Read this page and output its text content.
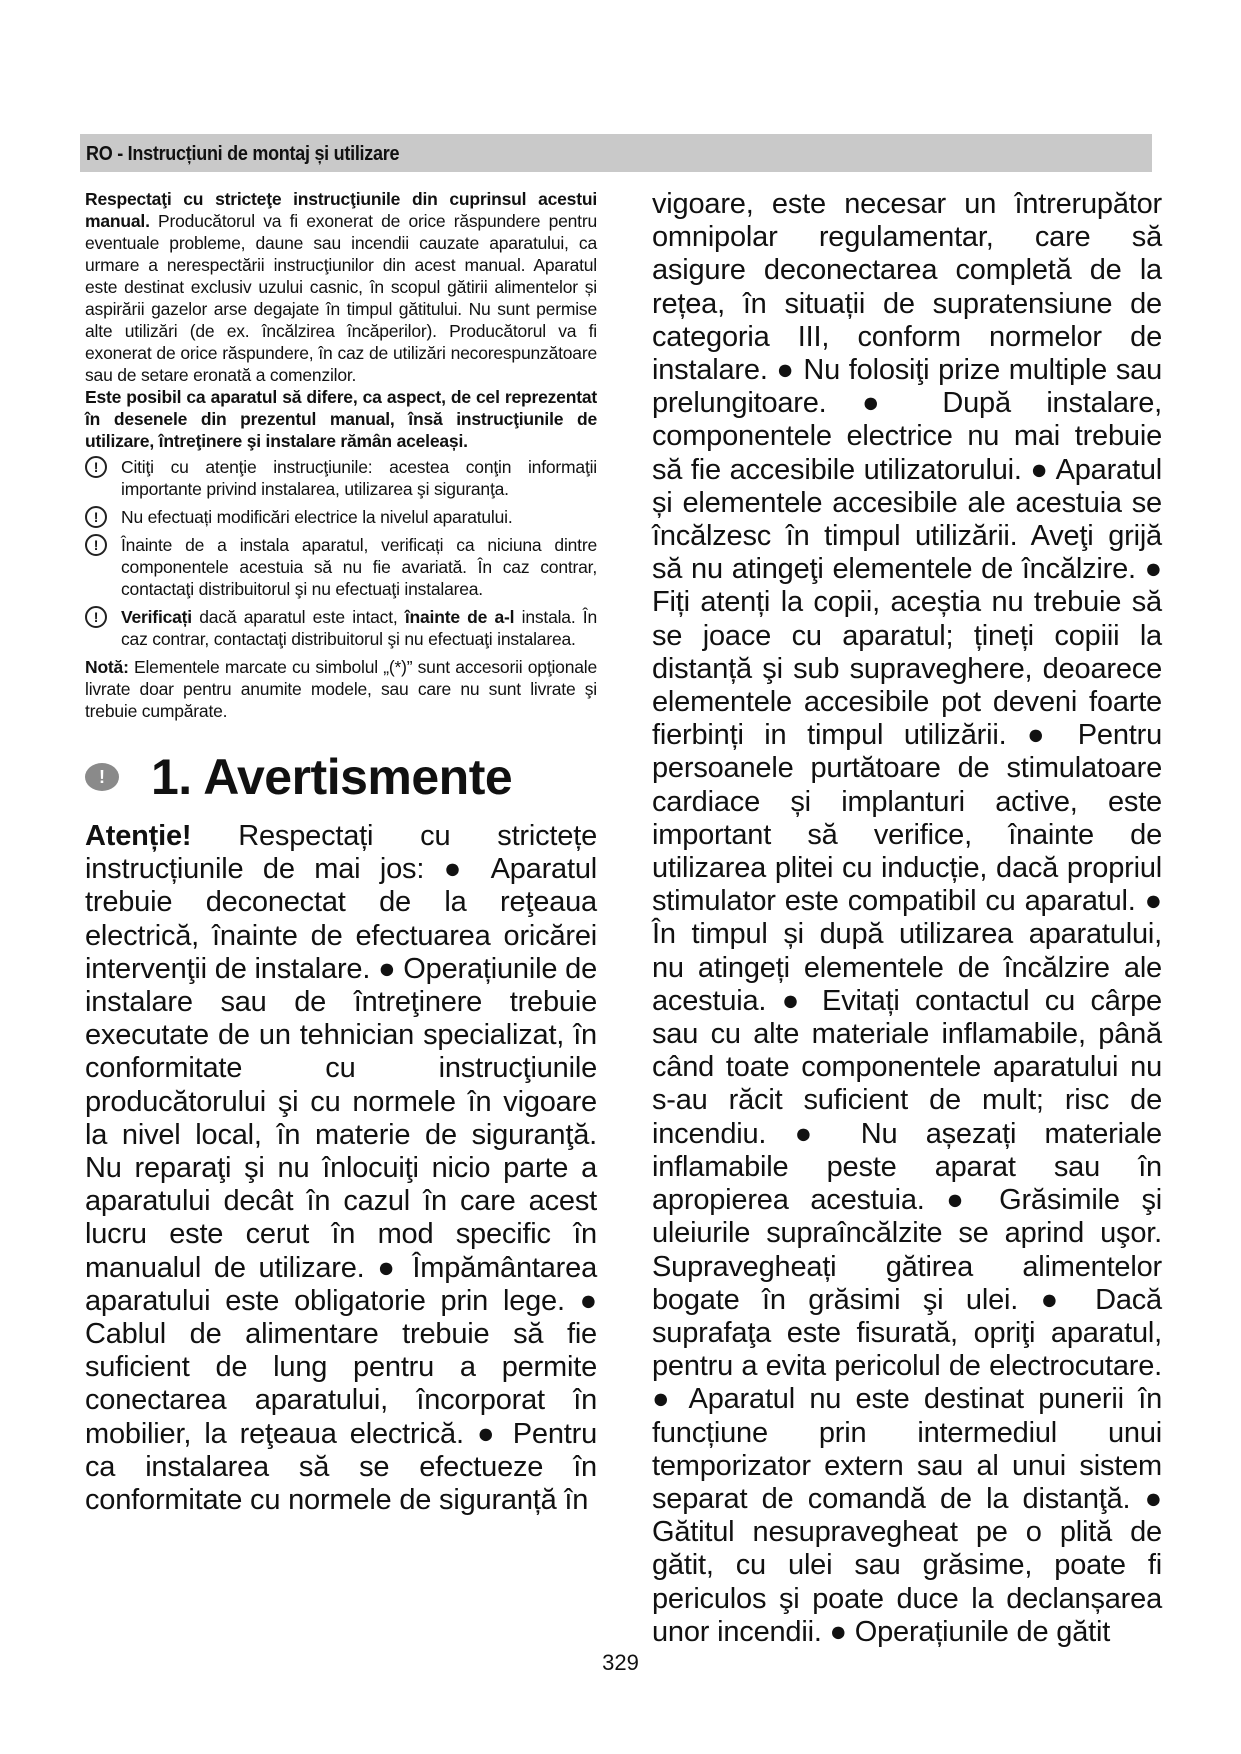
RO - Instrucțiuni de montaj și utilizare

Respectaţi cu stricteţe instrucţiunile din cuprinsul acestui manual. Producătorul va fi exonerat de orice răspundere pentru eventuale probleme, daune sau incendii cauzate aparatului, ca urmare a nerespectării instrucţiunilor din acest manual. Aparatul este destinat exclusiv uzului casnic, în scopul gătirii alimentelor și aspirării gazelor arse degajate în timpul gătitului. Nu sunt permise alte utilizări (de ex. încălzirea încăperilor). Producătorul va fi exonerat de orice răspundere, în caz de utilizări necorespunzătoare sau de setare eronată a comenzilor.

Este posibil ca aparatul să difere, ca aspect, de cel reprezentat în desenele din prezentul manual, însă instrucţiunile de utilizare, întreţinere şi instalare rămân aceleași.

!	Citiţi cu atenţie instrucţiunile: acestea conţin informaţii importante privind instalarea, utilizarea şi siguranţa.
!	Nu efectuați modificări electrice la nivelul aparatului.
!	Înainte de a instala aparatul, verificați ca niciuna dintre componentele acestuia să nu fie avariată. În caz contrar, contactaţi distribuitorul şi nu efectuaţi instalarea.
!	Verificați dacă aparatul este intact, înainte de a-l instala. În caz contrar, contactaţi distribuitorul şi nu efectuaţi instalarea.

Notă: Elementele marcate cu simbolul „(*)” sunt accesorii opţionale livrate doar pentru anumite modele, sau care nu sunt livrate şi trebuie cumpărate.

! 1. Avertismente

Atenție! Respectați cu strictețe instrucțiunile de mai jos: ● Aparatul trebuie deconectat de la reţeaua electrică, înainte de efectuarea oricărei intervenţii de instalare. ● Operațiunile de instalare sau de întreţinere trebuie executate de un tehnician specializat, în conformitate cu instrucţiunile producătorului şi cu normele în vigoare la nivel local, în materie de siguranţă. Nu reparaţi şi nu înlocuiţi nicio parte a aparatului decât în cazul în care acest lucru este cerut în mod specific în manualul de utilizare. ● Împământarea aparatului este obligatorie prin lege. ● Cablul de alimentare trebuie să fie suficient de lung pentru a permite conectarea aparatului, încorporat în mobilier, la reţeaua electrică. ● Pentru ca instalarea să se efectueze în conformitate cu normele de siguranță în

vigoare, este necesar un întrerupător omnipolar regulamentar, care să asigure deconectarea completă de la rețea, în situații de supratensiune de categoria III, conform normelor de instalare. ● Nu folosiţi prize multiple sau prelungitoare. ● După instalare, componentele electrice nu mai trebuie să fie accesibile utilizatorului. ● Aparatul și elementele accesibile ale acestuia se încălzesc în timpul utilizării. Aveţi grijă să nu atingeţi elementele de încălzire. ● Fiți atenți la copii, aceștia nu trebuie să se joace cu aparatul; țineți copiii la distanță şi sub supraveghere, deoarece elementele accesibile pot deveni foarte fierbinți in timpul utilizării. ● Pentru persoanele purtătoare de stimulatoare cardiace și implanturi active, este important să verifice, înainte de utilizarea plitei cu inducție, dacă propriul stimulator este compatibil cu aparatul. ● În timpul și după utilizarea aparatului, nu atingeți elementele de încălzire ale acestuia. ● Evitați contactul cu cârpe sau cu alte materiale inflamabile, până când toate componentele aparatului nu s-au răcit suficient de mult; risc de incendiu. ● Nu așezați materiale inflamabile peste aparat sau în apropierea acestuia. ● Grăsimile şi uleiurile supraîncălzite se aprind uşor. Supravegheați gătirea alimentelor bogate în grăsimi şi ulei. ● Dacă suprafaţa este fisurată, opriţi aparatul, pentru a evita pericolul de electrocutare. ● Aparatul nu este destinat punerii în funcțiune prin intermediul unui temporizator extern sau al unui sistem separat de comandă de la distanţă. ● Gătitul nesupravegheat pe o plită de gătit, cu ulei sau grăsime, poate fi periculos şi poate duce la declanșarea unor incendii. ● Operațiunile de gătit

329
